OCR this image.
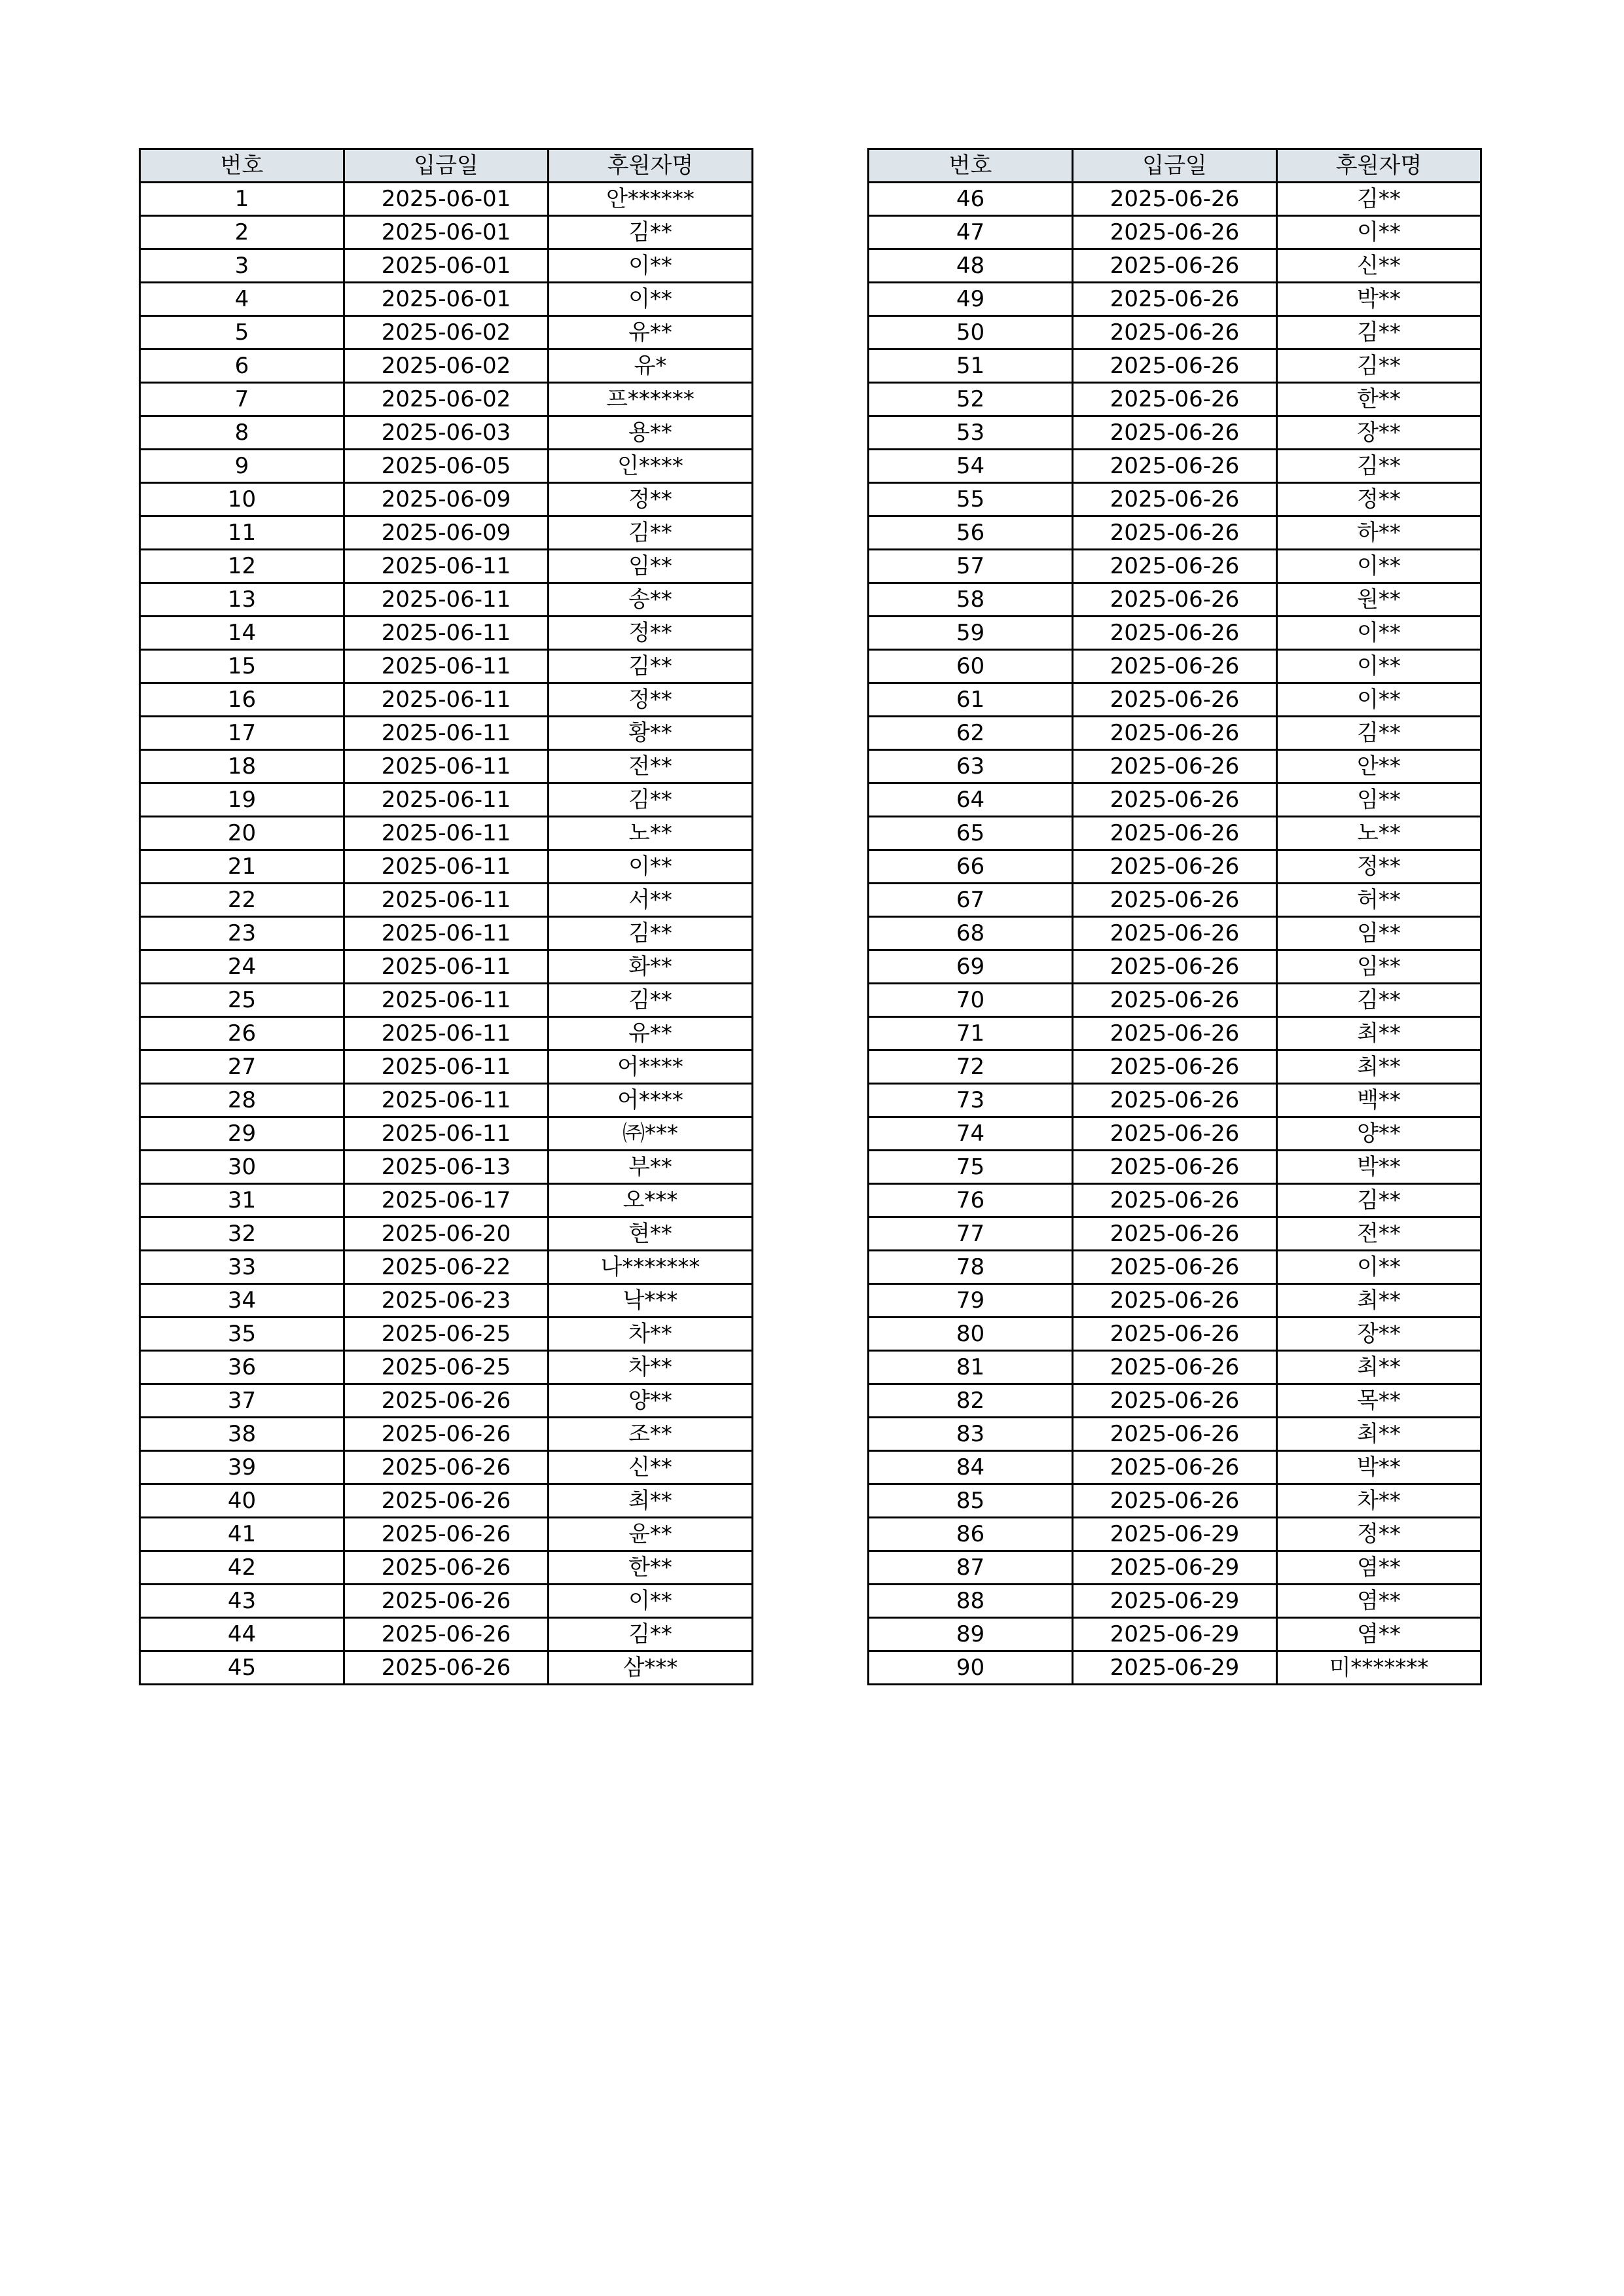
번호	입금일	후원자명
1	2025-06-01	안******
2	2025-06-01	김**
3	2025-06-01	이**
4	2025-06-01	이**
5	2025-06-02	유**
6	2025-06-02	유*
7	2025-06-02	프******
8	2025-06-03	용**
9	2025-06-05	인****
10	2025-06-09	정**
11	2025-06-09	김**
12	2025-06-11	임**
13	2025-06-11	송**
14	2025-06-11	정**
15	2025-06-11	김**
16	2025-06-11	정**
17	2025-06-11	황**
18	2025-06-11	전**
19	2025-06-11	김**
20	2025-06-11	노**
21	2025-06-11	이**
22	2025-06-11	서**
23	2025-06-11	김**
24	2025-06-11	화**
25	2025-06-11	김**
26	2025-06-11	유**
27	2025-06-11	어****
28	2025-06-11	어****
29	2025-06-11	㈜***
30	2025-06-13	부**
31	2025-06-17	오***
32	2025-06-20	현**
33	2025-06-22	나*******
34	2025-06-23	낙***
35	2025-06-25	차**
36	2025-06-25	차**
37	2025-06-26	양**
38	2025-06-26	조**
39	2025-06-26	신**
40	2025-06-26	최**
41	2025-06-26	윤**
42	2025-06-26	한**
43	2025-06-26	이**
44	2025-06-26	김**
45	2025-06-26	삼***
번호	입금일	후원자명
46	2025-06-26	김**
47	2025-06-26	이**
48	2025-06-26	신**
49	2025-06-26	박**
50	2025-06-26	김**
51	2025-06-26	김**
52	2025-06-26	한**
53	2025-06-26	장**
54	2025-06-26	김**
55	2025-06-26	정**
56	2025-06-26	하**
57	2025-06-26	이**
58	2025-06-26	원**
59	2025-06-26	이**
60	2025-06-26	이**
61	2025-06-26	이**
62	2025-06-26	김**
63	2025-06-26	안**
64	2025-06-26	임**
65	2025-06-26	노**
66	2025-06-26	정**
67	2025-06-26	허**
68	2025-06-26	임**
69	2025-06-26	임**
70	2025-06-26	김**
71	2025-06-26	최**
72	2025-06-26	최**
73	2025-06-26	백**
74	2025-06-26	양**
75	2025-06-26	박**
76	2025-06-26	김**
77	2025-06-26	전**
78	2025-06-26	이**
79	2025-06-26	최**
80	2025-06-26	장**
81	2025-06-26	최**
82	2025-06-26	목**
83	2025-06-26	최**
84	2025-06-26	박**
85	2025-06-26	차**
86	2025-06-29	정**
87	2025-06-29	염**
88	2025-06-29	염**
89	2025-06-29	염**
90	2025-06-29	미*******
